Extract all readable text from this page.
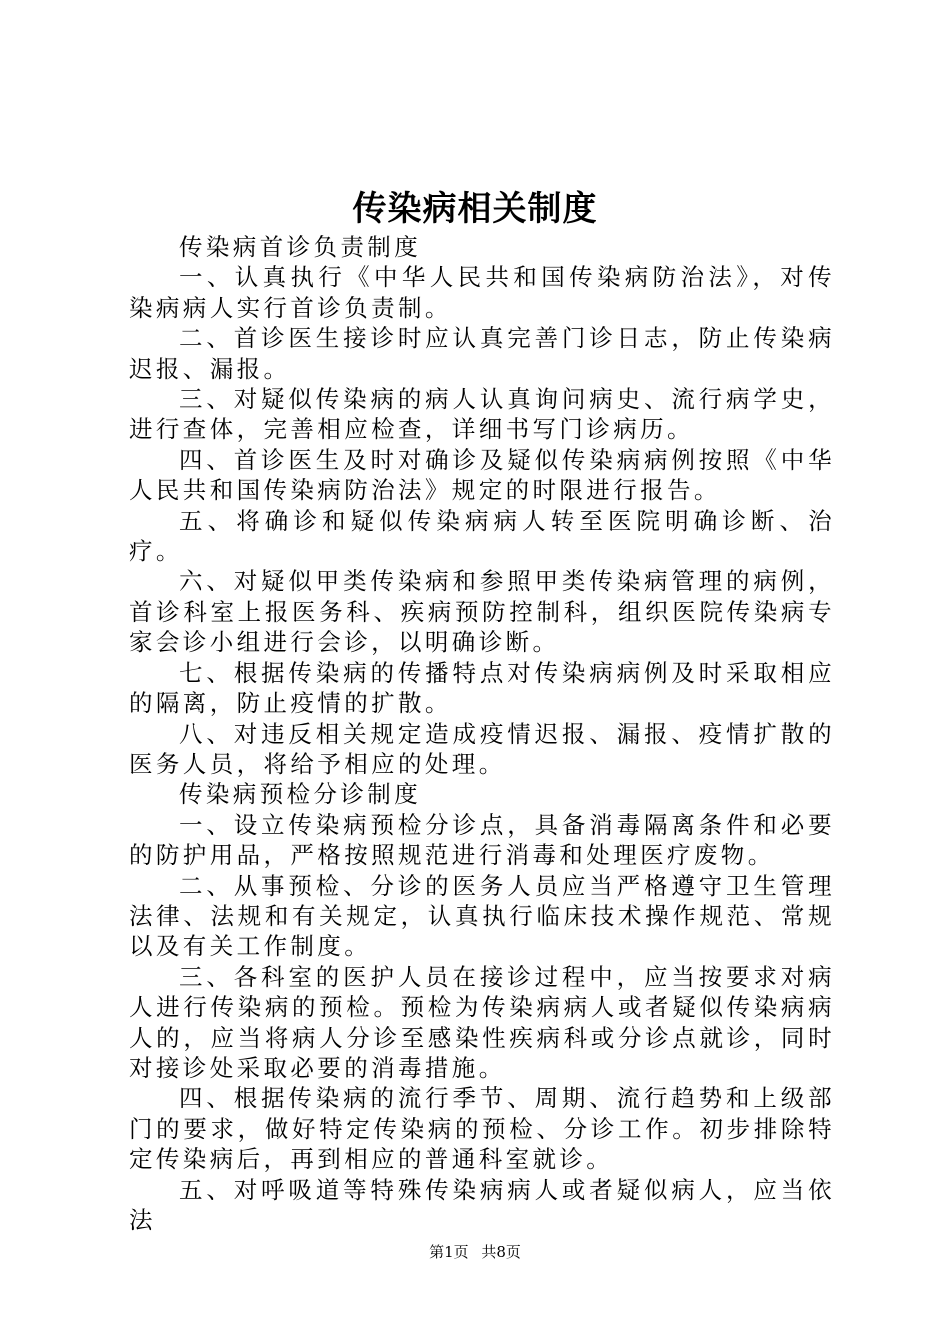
传染病相关制度

传染病首诊负责制度

一、认真执行《中华人民共和国传染病防治法》，对传染病病人实行首诊负责制。

二、首诊医生接诊时应认真完善门诊日志，防止传染病迟报、漏报。

三、对疑似传染病的病人认真询问病史、流行病学史，进行查体，完善相应检查，详细书写门诊病历。

四、首诊医生及时对确诊及疑似传染病病例按照《中华人民共和国传染病防治法》规定的时限进行报告。

五、将确诊和疑似传染病病人转至医院明确诊断、治疗。

六、对疑似甲类传染病和参照甲类传染病管理的病例，首诊科室上报医务科、疾病预防控制科，组织医院传染病专家会诊小组进行会诊，以明确诊断。

七、根据传染病的传播特点对传染病病例及时采取相应的隔离，防止疫情的扩散。

八、对违反相关规定造成疫情迟报、漏报、疫情扩散的医务人员，将给予相应的处理。

传染病预检分诊制度

一、设立传染病预检分诊点，具备消毒隔离条件和必要的防护用品，严格按照规范进行消毒和处理医疗废物。

二、从事预检、分诊的医务人员应当严格遵守卫生管理法律、法规和有关规定，认真执行临床技术操作规范、常规以及有关工作制度。

三、各科室的医护人员在接诊过程中，应当按要求对病人进行传染病的预检。预检为传染病病人或者疑似传染病病人的，应当将病人分诊至感染性疾病科或分诊点就诊，同时对接诊处采取必要的消毒措施。

四、根据传染病的流行季节、周期、流行趋势和上级部门的要求，做好特定传染病的预检、分诊工作。初步排除特定传染病后，再到相应的普通科室就诊。

五、对呼吸道等特殊传染病病人或者疑似病人，应当依法

第1页 共8页
